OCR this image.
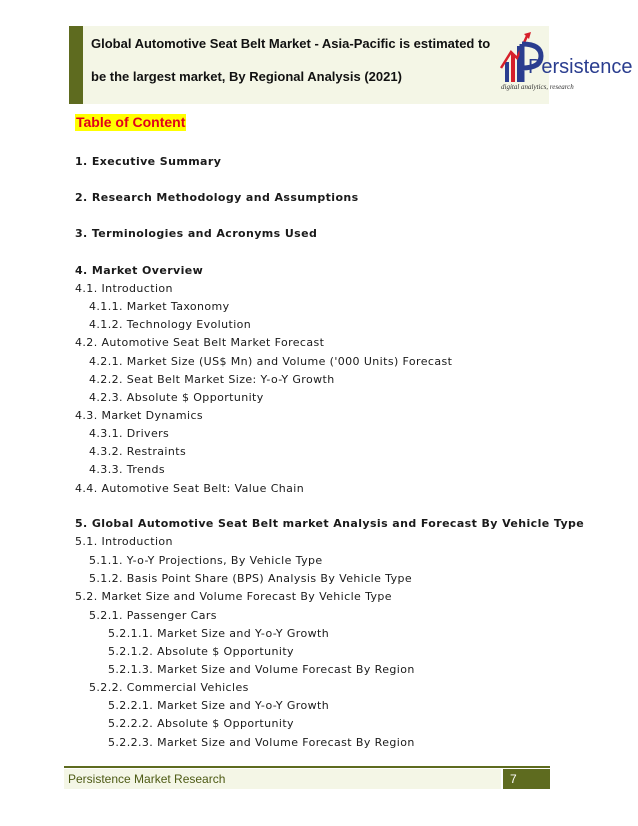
Global Automotive Seat Belt Market - Asia-Pacific is estimated to
be the largest market, By Regional Analysis (2021)	Persistence
digital analytics, research
Table of Content
1. Executive Summary
2. Research Methodology and Assumptions
3. Terminologies and Acronyms Used
4. Market Overview
4.1. Introduction
4.1.1. Market Taxonomy
4.1.2. Technology Evolution
4.2. Automotive Seat Belt Market Forecast
4.2.1. Market Size (US$ Mn) and Volume ('000 Units) Forecast
4.2.2. Seat Belt Market Size: Y-o-Y Growth
4.2.3. Absolute $ Opportunity
4.3. Market Dynamics
4.3.1. Drivers
4.3.2. Restraints
4.3.3. Trends
4.4. Automotive Seat Belt: Value Chain
5. Global Automotive Seat Belt market Analysis and Forecast By Vehicle Type
5.1. Introduction
5.1.1. Y-o-Y Projections, By Vehicle Type
5.1.2. Basis Point Share (BPS) Analysis By Vehicle Type
5.2. Market Size and Volume Forecast By Vehicle Type
5.2.1. Passenger Cars
5.2.1.1. Market Size and Y-o-Y Growth
5.2.1.2. Absolute $ Opportunity
5.2.1.3. Market Size and Volume Forecast By Region
5.2.2. Commercial Vehicles
5.2.2.1. Market Size and Y-o-Y Growth
5.2.2.2. Absolute $ Opportunity
5.2.2.3. Market Size and Volume Forecast By Region
Persistence Market Research	7
